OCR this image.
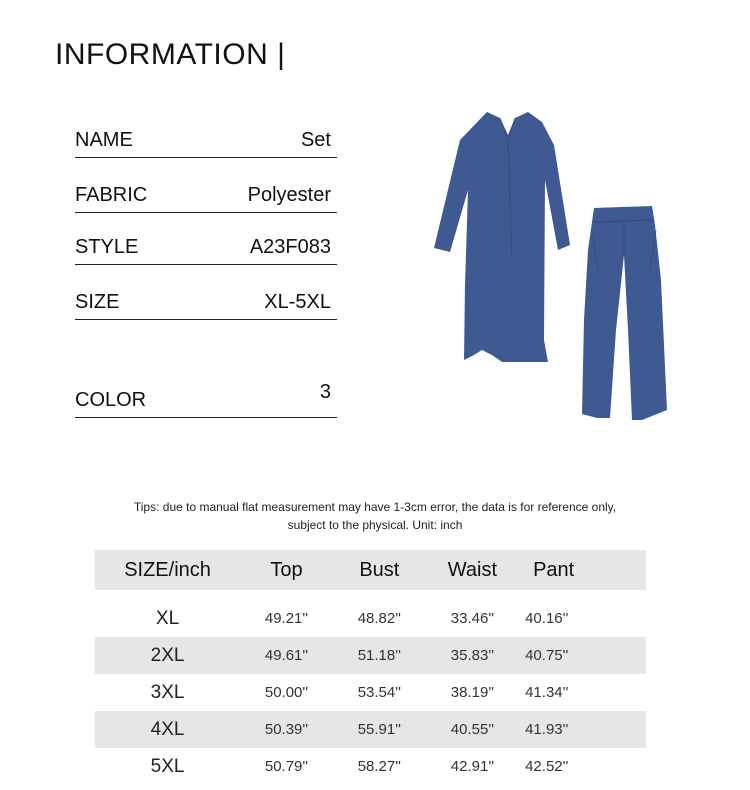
INFORMATION |
NAME	Set
FABRIC	Polyester
STYLE	A23F083
SIZE	XL-5XL
COLOR	3
Tips: due to manual flat measurement may have 1-3cm error, the data is for reference only,
subject to the physical. Unit: inch
SIZE/inch	Top	Bust	Waist	Pant

XL	49.21''	48.82''	33.46''	40.16''
2XL	49.61''	51.18''	35.83''	40.75''
3XL	50.00''	53.54''	38.19''	41.34''
4XL	50.39''	55.91''	40.55''	41.93''
5XL	50.79''	58.27''	42.91''	42.52''
